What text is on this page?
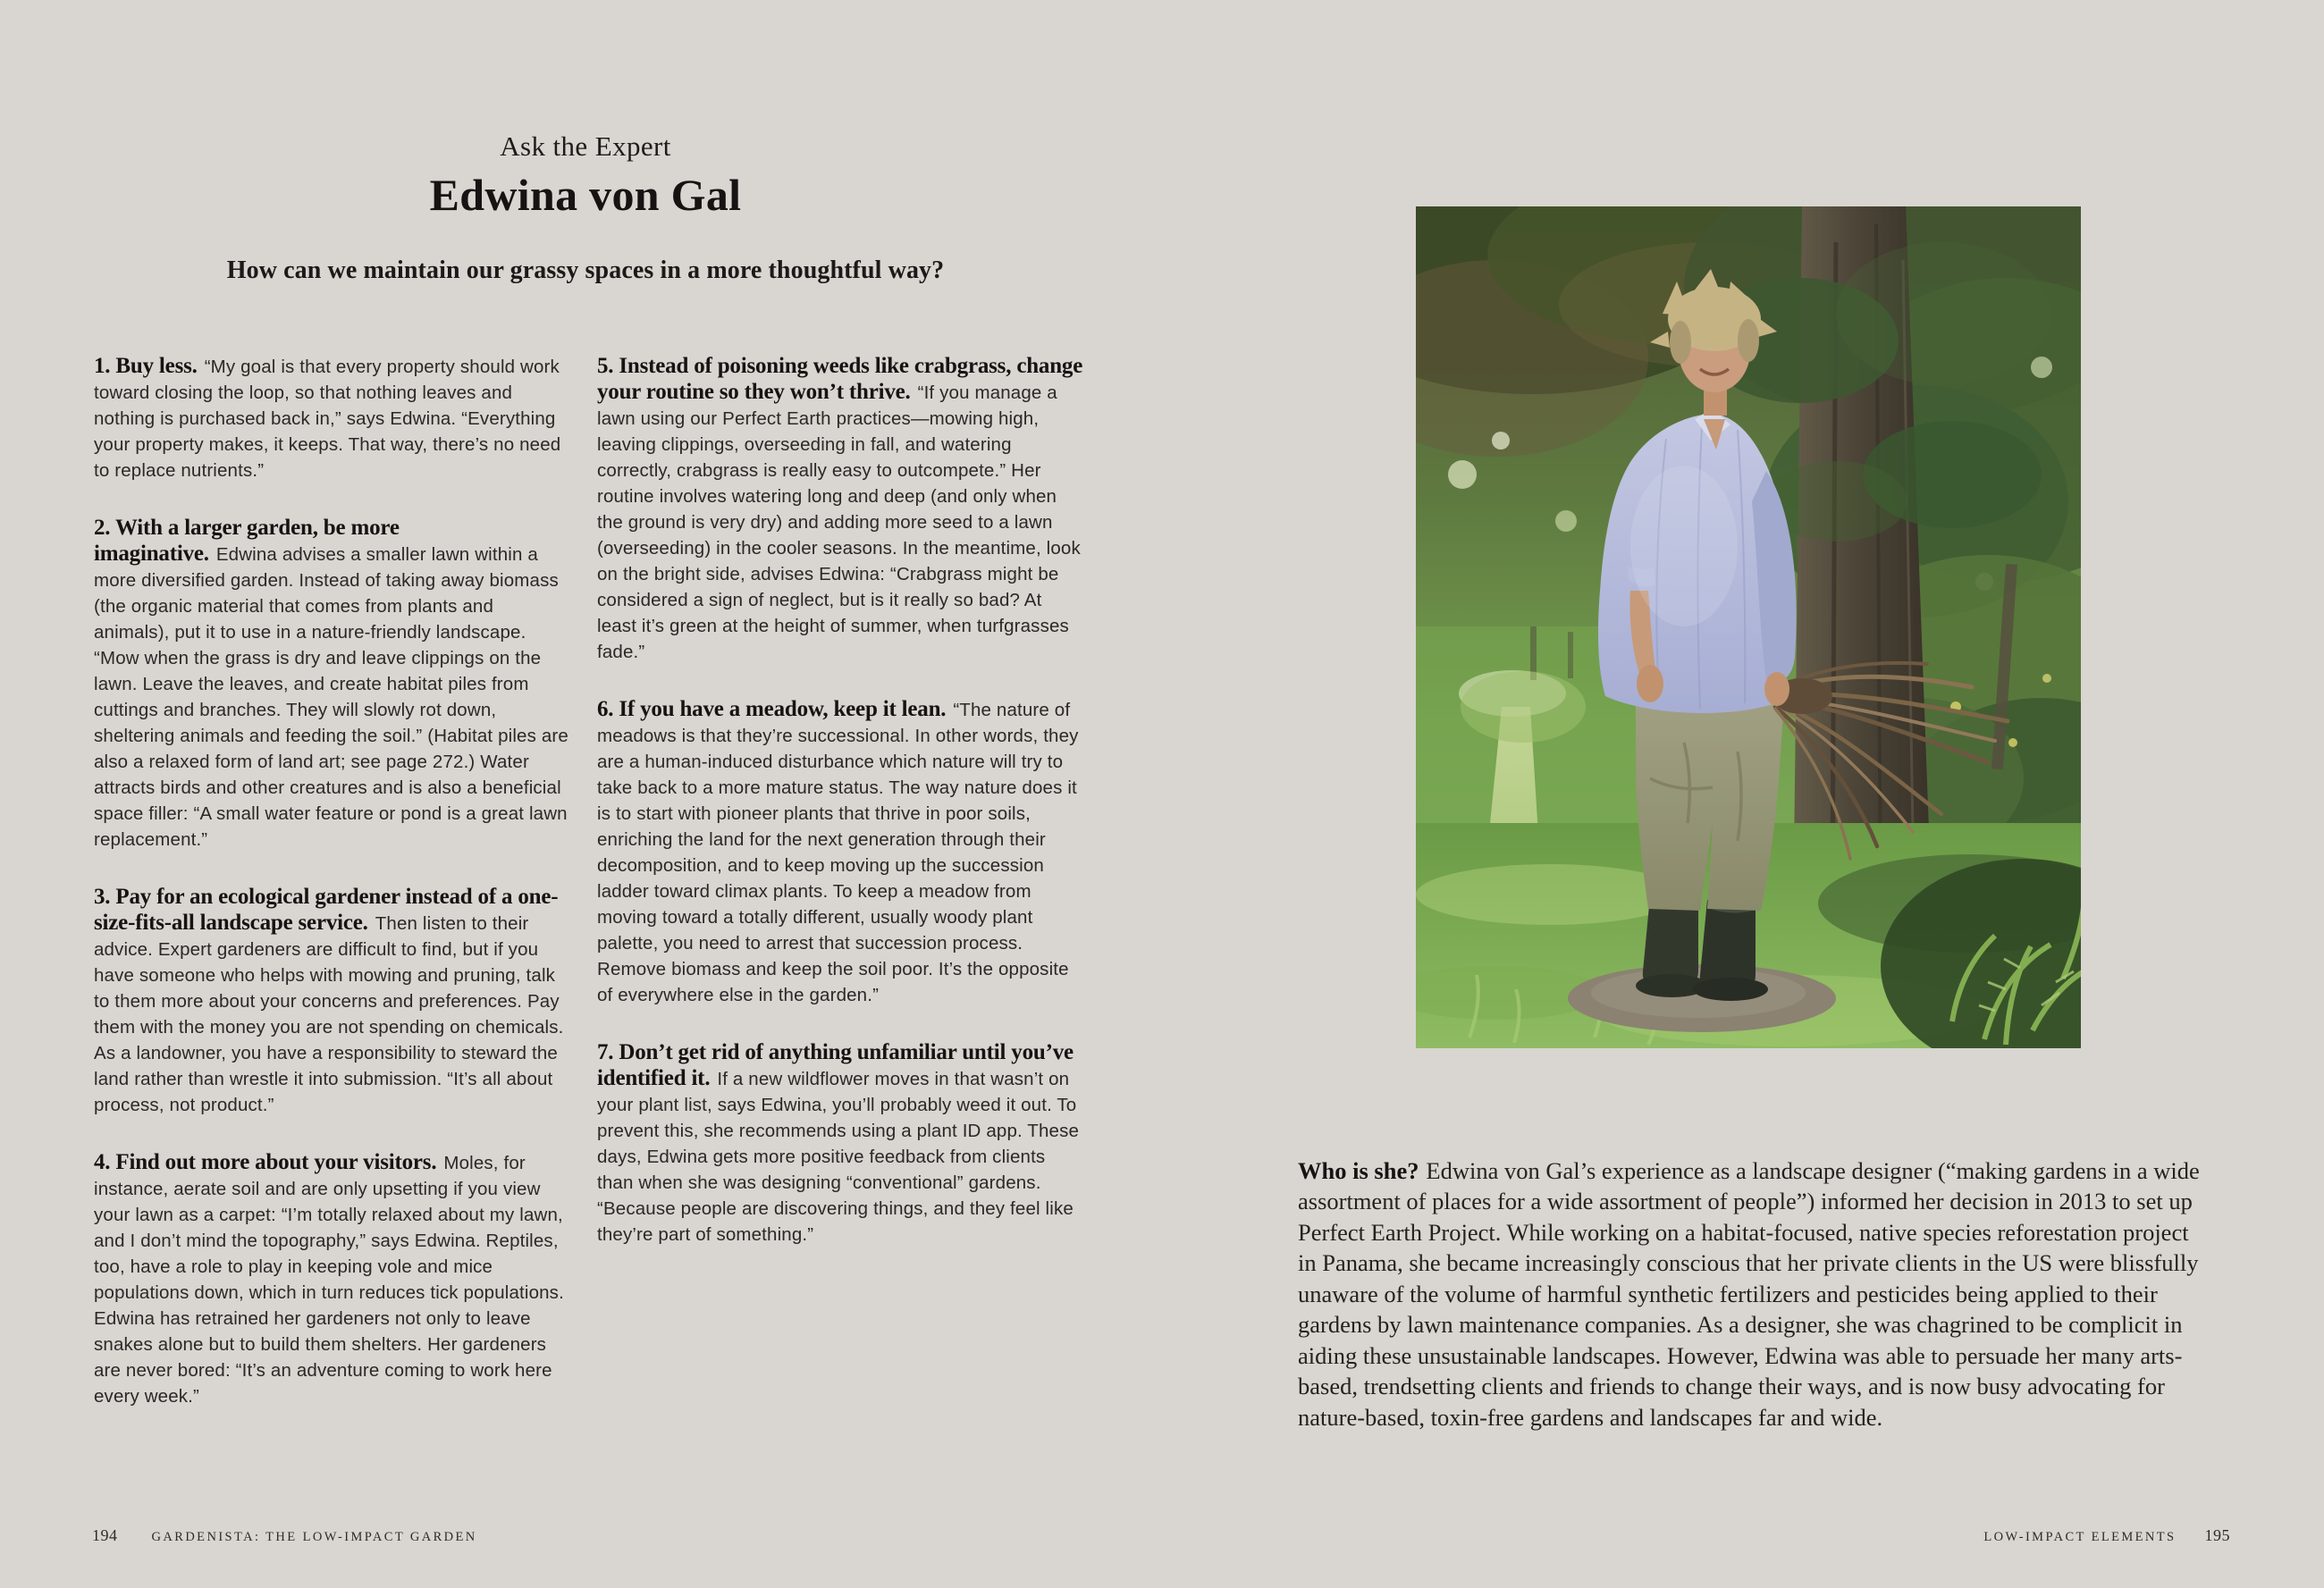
Ask the Expert
Edwina von Gal
How can we maintain our grassy spaces in a more thoughtful way?

1. Buy less. “My goal is that every property should work toward closing the loop, so that nothing leaves and nothing is purchased back in,” says Edwina. “Everything your property makes, it keeps. That way, there’s no need to replace nutrients.”

2. With a larger garden, be more imaginative. Edwina advises a smaller lawn within a more diversified garden. Instead of taking away biomass (the organic material that comes from plants and animals), put it to use in a nature-friendly landscape. “Mow when the grass is dry and leave clippings on the lawn. Leave the leaves, and create habitat piles from cuttings and branches. They will slowly rot down, sheltering animals and feeding the soil.” (Habitat piles are also a relaxed form of land art; see page 272.) Water attracts birds and other creatures and is also a beneficial space filler: “A small water feature or pond is a great lawn replacement.”

3. Pay for an ecological gardener instead of a one-size-fits-all landscape service. Then listen to their advice. Expert gardeners are difficult to find, but if you have someone who helps with mowing and pruning, talk to them more about your concerns and preferences. Pay them with the money you are not spending on chemicals. As a landowner, you have a responsibility to steward the land rather than wrestle it into submission. “It’s all about process, not product.”

4. Find out more about your visitors. Moles, for instance, aerate soil and are only upsetting if you view your lawn as a carpet: “I’m totally relaxed about my lawn, and I don’t mind the topography,” says Edwina. Reptiles, too, have a role to play in keeping vole and mice populations down, which in turn reduces tick populations. Edwina has retrained her gardeners not only to leave snakes alone but to build them shelters. Her gardeners are never bored: “It’s an adventure coming to work here every week.”

5. Instead of poisoning weeds like crabgrass, change your routine so they won’t thrive. “If you manage a lawn using our Perfect Earth practices—mowing high, leaving clippings, overseeding in fall, and watering correctly, crabgrass is really easy to outcompete.” Her routine involves watering long and deep (and only when the ground is very dry) and adding more seed to a lawn (overseeding) in the cooler seasons. In the meantime, look on the bright side, advises Edwina: “Crabgrass might be considered a sign of neglect, but is it really so bad? At least it’s green at the height of summer, when turfgrasses fade.”

6. If you have a meadow, keep it lean. “The nature of meadows is that they’re successional. In other words, they are a human-induced disturbance which nature will try to take back to a more mature status. The way nature does it is to start with pioneer plants that thrive in poor soils, enriching the land for the next generation through their decomposition, and to keep moving up the succession ladder toward climax plants. To keep a meadow from moving toward a totally different, usually woody plant palette, you need to arrest that succession process. Remove biomass and keep the soil poor. It’s the opposite of everywhere else in the garden.”

7. Don’t get rid of anything unfamiliar until you’ve identified it. If a new wildflower moves in that wasn’t on your plant list, says Edwina, you’ll probably weed it out. To prevent this, she recommends using a plant ID app. These days, Edwina gets more positive feedback from clients than when she was designing “conventional” gardens. “Because people are discovering things, and they feel like they’re part of something.”

Who is she? Edwina von Gal’s experience as a landscape designer (“making gardens in a wide assortment of places for a wide assortment of people”) informed her decision in 2013 to set up Perfect Earth Project. While working on a habitat-focused, native species reforestation project in Panama, she became increasingly conscious that her private clients in the US were blissfully unaware of the volume of harmful synthetic fertilizers and pesticides being applied to their gardens by lawn maintenance companies. As a designer, she was chagrined to be complicit in aiding these unsustainable landscapes. However, Edwina was able to persuade her many arts-based, trendsetting clients and friends to change their ways, and is now busy advocating for nature-based, toxin-free gardens and landscapes far and wide.

194	GARDENISTA: THE LOW-IMPACT GARDEN	LOW-IMPACT ELEMENTS 195
